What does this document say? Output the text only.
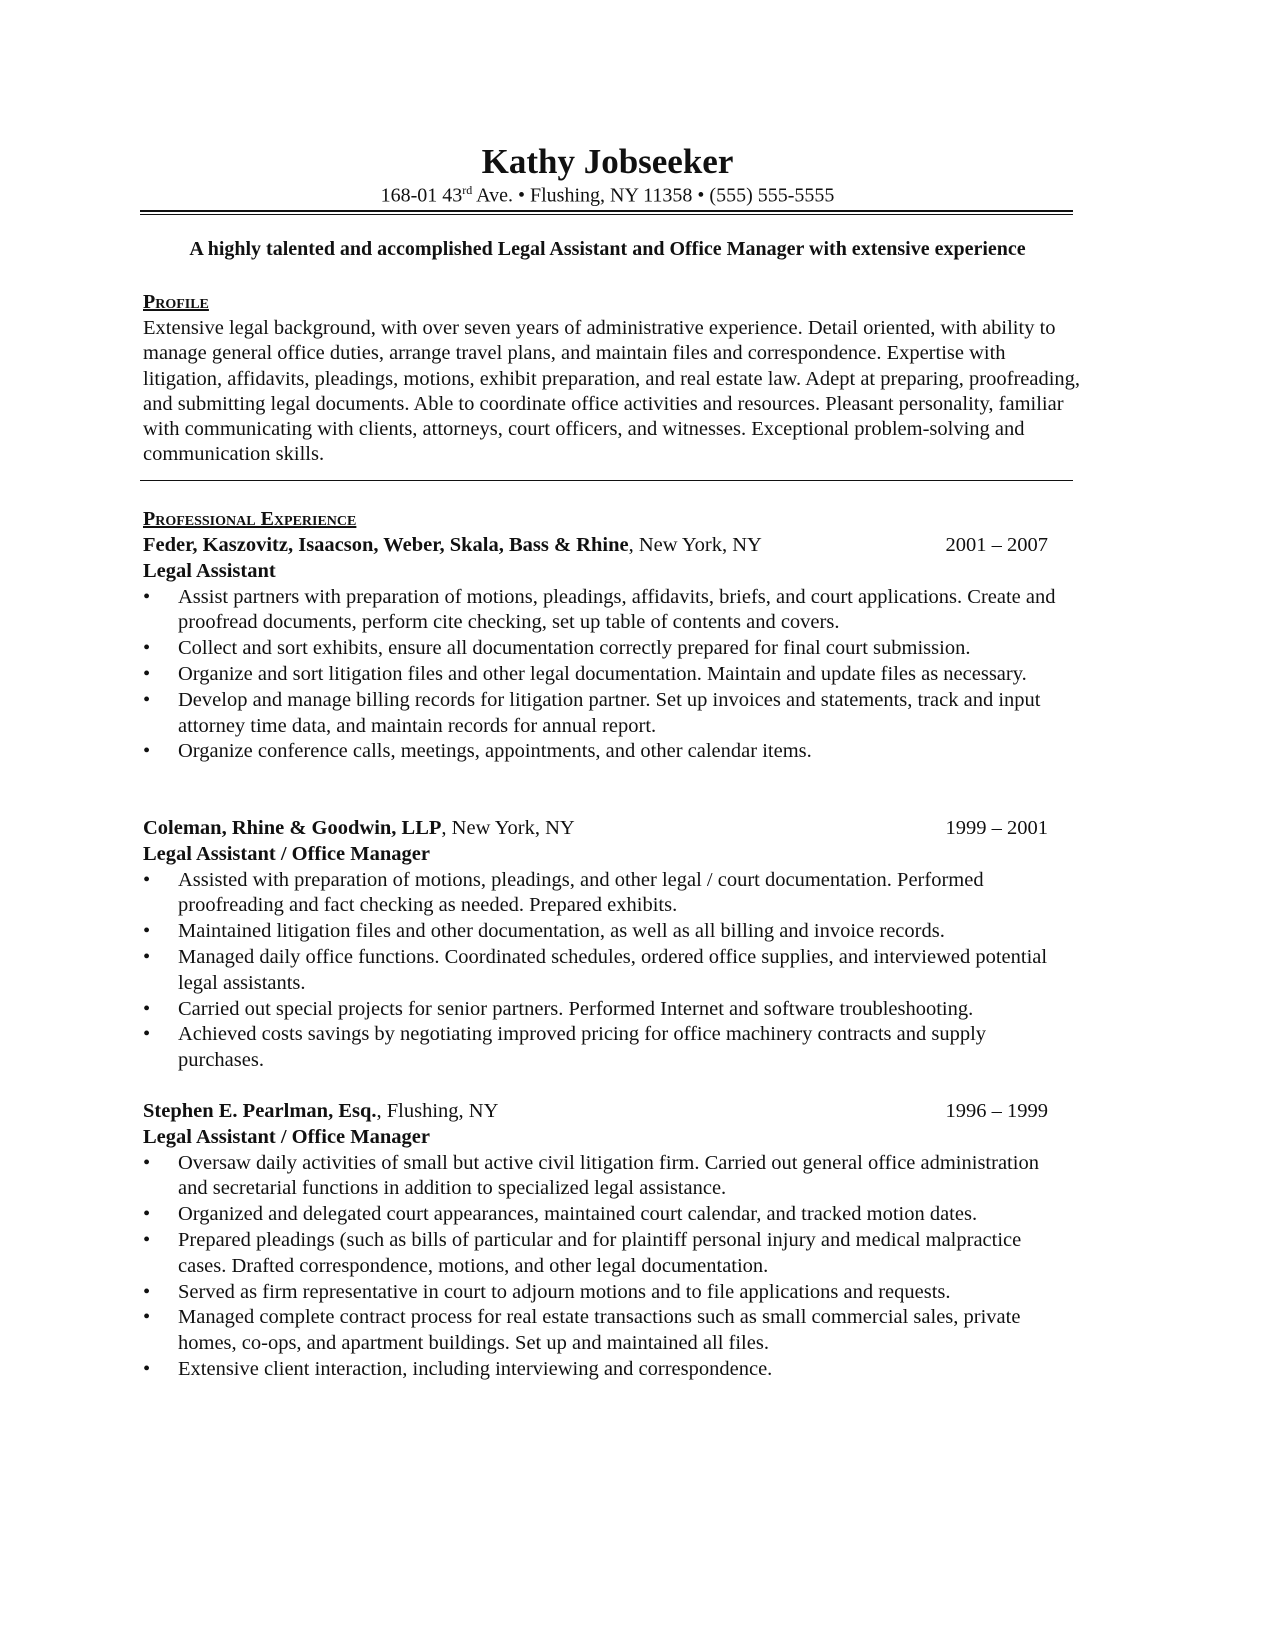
Kathy Jobseeker
168-01 43rd Ave. • Flushing, NY 11358 • (555) 555-5555
A highly talented and accomplished Legal Assistant and Office Manager with extensive experience
Profile
Extensive legal background, with over seven years of administrative experience. Detail oriented, with ability to manage general office duties, arrange travel plans, and maintain files and correspondence. Expertise with litigation, affidavits, pleadings, motions, exhibit preparation, and real estate law. Adept at preparing, proofreading, and submitting legal documents. Able to coordinate office activities and resources. Pleasant personality, familiar with communicating with clients, attorneys, court officers, and witnesses. Exceptional problem-solving and communication skills.
Professional Experience
Feder, Kaszovitz, Isaacson, Weber, Skala, Bass & Rhine, New York, NY	2001 – 2007
Legal Assistant
• Assist partners with preparation of motions, pleadings, affidavits, briefs, and court applications. Create and proofread documents, perform cite checking, set up table of contents and covers.
• Collect and sort exhibits, ensure all documentation correctly prepared for final court submission.
• Organize and sort litigation files and other legal documentation. Maintain and update files as necessary.
• Develop and manage billing records for litigation partner. Set up invoices and statements, track and input attorney time data, and maintain records for annual report.
• Organize conference calls, meetings, appointments, and other calendar items.
Coleman, Rhine & Goodwin, LLP, New York, NY	1999 – 2001
Legal Assistant / Office Manager
• Assisted with preparation of motions, pleadings, and other legal / court documentation. Performed proofreading and fact checking as needed. Prepared exhibits.
• Maintained litigation files and other documentation, as well as all billing and invoice records.
• Managed daily office functions. Coordinated schedules, ordered office supplies, and interviewed potential legal assistants.
• Carried out special projects for senior partners. Performed Internet and software troubleshooting.
• Achieved costs savings by negotiating improved pricing for office machinery contracts and supply purchases.
Stephen E. Pearlman, Esq., Flushing, NY	1996 – 1999
Legal Assistant / Office Manager
• Oversaw daily activities of small but active civil litigation firm. Carried out general office administration and secretarial functions in addition to specialized legal assistance.
• Organized and delegated court appearances, maintained court calendar, and tracked motion dates.
• Prepared pleadings (such as bills of particular and for plaintiff personal injury and medical malpractice cases. Drafted correspondence, motions, and other legal documentation.
• Served as firm representative in court to adjourn motions and to file applications and requests.
• Managed complete contract process for real estate transactions such as small commercial sales, private homes, co-ops, and apartment buildings. Set up and maintained all files.
• Extensive client interaction, including interviewing and correspondence.
